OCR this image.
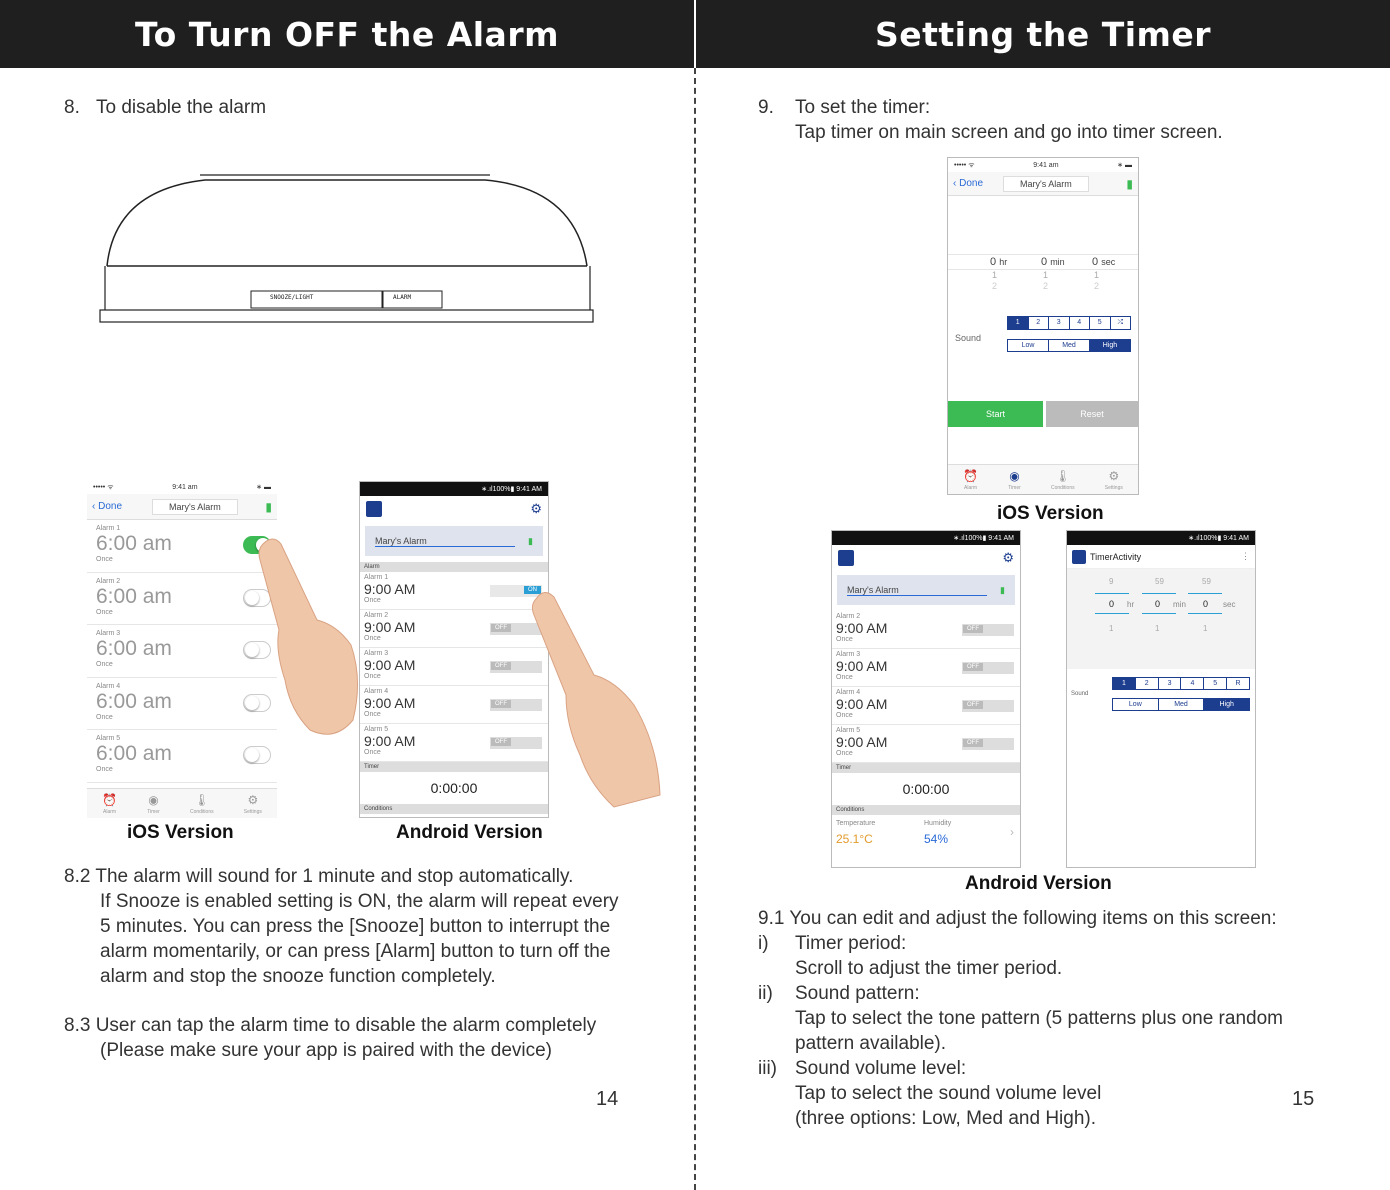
To Turn OFF the Alarm	Setting the Timer
8. To disable the alarm
SNOOZE/LIGHT	ALARM
••••• ᯤ	9:41 am	∗ ▬
‹ Done	Mary's Alarm	▮
Alarm 1
6:00 am
Once
Alarm 2
6:00 am
Once
Alarm 3
6:00 am
Once
Alarm 4
6:00 am
Once
Alarm 5
6:00 am
Once
⏰
Alarm
◉
Timer
🌡
Conditions
⚙
Settings
iOS Version
∗.ıl100%▮ 9:41 AM
⚙
Mary's Alarm	▮
Alarm
Alarm 1
9:00 AM
Once
ON
Alarm 2
9:00 AM
Once
OFF
Alarm 3
9:00 AM
Once
OFF
Alarm 4
9:00 AM
Once
OFF
Alarm 5
9:00 AM
Once
OFF
Timer
0:00:00
Conditions
Android Version
8.2 The alarm will sound for 1 minute and stop automatically.
If Snooze is enabled setting is ON, the alarm will repeat every
5 minutes. You can press the [Snooze] button to interrupt the
alarm momentarily, or can press [Alarm] button to turn off the
alarm and stop the snooze function completely.
8.3 User can tap the alarm time to disable the alarm completely
(Please make sure your app is paired with the device)
14
9. To set the timer:
Tap timer on main screen and go into timer screen.
••••• ᯤ	9:41 am	∗ ▬
‹ Done	Mary's Alarm	▮
0 hr	0 min 0 sec
1	1	1
2	2	2
Sound
1	2	3	4	5	⤮
Low	Med	High
Start	Reset
⏰
Alarm
◉
Timer
🌡
Conditions
⚙
Settings
iOS Version
∗.ıl100%▮ 9:41 AM
⚙
Mary's Alarm	▮
Alarm 2
9:00 AM
Once
OFF
Alarm 3
9:00 AM
Once
OFF
Alarm 4
9:00 AM
Once
OFF
Alarm 5
9:00 AM
Once
OFF
Timer
0:00:00
Conditions
Temperature
25.1°C
Humidity
54%	›
∗.ıl100%▮ 9:41 AM
TimerActivity	⋮
9	59	59
0 hr 0 min 0 sec
1	1	1
Sound
1	2	3	4	5	R
Low	Med	High
Android Version
9.1 You can edit and adjust the following items on this screen:
i) Timer period:
Scroll to adjust the timer period.
ii) Sound pattern:
Tap to select the tone pattern (5 patterns plus one random
pattern available).
iii) Sound volume level:
Tap to select the sound volume level
(three options: Low, Med and High).
15
